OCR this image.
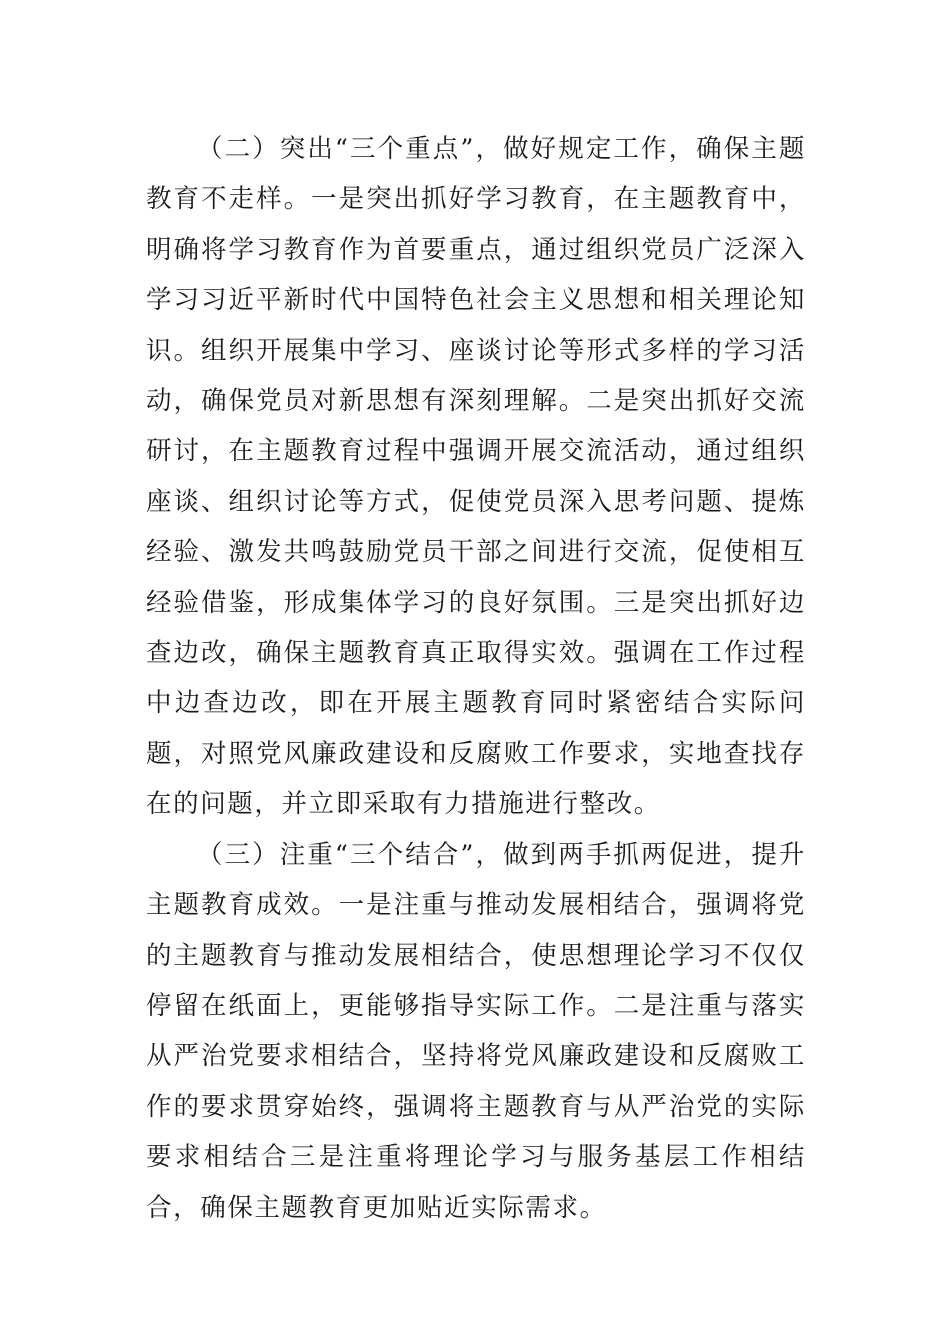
（二）突出“三个重点”，做好规定工作，确保主题教育不走样。一是突出抓好学习教育，在主题教育中，明确将学习教育作为首要重点，通过组织党员广泛深入学习习近平新时代中国特色社会主义思想和相关理论知识。组织开展集中学习、座谈讨论等形式多样的学习活动，确保党员对新思想有深刻理解。二是突出抓好交流研讨，在主题教育过程中强调开展交流活动，通过组织座谈、组织讨论等方式，促使党员深入思考问题、提炼经验、激发共鸣鼓励党员干部之间进行交流，促使相互经验借鉴，形成集体学习的良好氛围。三是突出抓好边查边改，确保主题教育真正取得实效。强调在工作过程中边查边改，即在开展主题教育同时紧密结合实际问题，对照党风廉政建设和反腐败工作要求，实地查找存在的问题，并立即采取有力措施进行整改。

（三）注重“三个结合”，做到两手抓两促进，提升主题教育成效。一是注重与推动发展相结合，强调将党的主题教育与推动发展相结合，使思想理论学习不仅仅停留在纸面上，更能够指导实际工作。二是注重与落实从严治党要求相结合，坚持将党风廉政建设和反腐败工作的要求贯穿始终，强调将主题教育与从严治党的实际要求相结合三是注重将理论学习与服务基层工作相结合，确保主题教育更加贴近实际需求。
